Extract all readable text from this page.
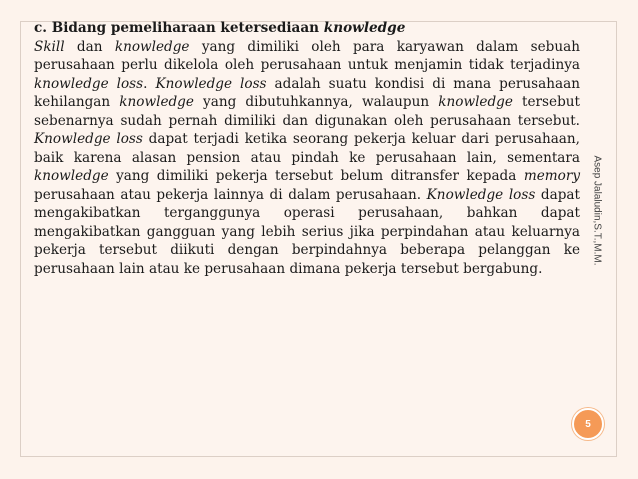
c. Bidang pemeliharaan ketersediaan knowledge

Skill dan knowledge yang dimiliki oleh para karyawan dalam sebuah perusahaan perlu dikelola oleh perusahaan untuk menjamin tidak terjadinya knowledge loss. Knowledge loss adalah suatu kondisi di mana perusahaan kehilangan knowledge yang dibutuhkannya, walaupun knowledge tersebut sebenarnya sudah pernah dimiliki dan digunakan oleh perusahaan tersebut. Knowledge loss dapat terjadi ketika seorang pekerja keluar dari perusahaan, baik karena alasan pension atau pindah ke perusahaan lain, sementara knowledge yang dimiliki pekerja tersebut belum ditransfer kepada memory perusahaan atau pekerja lainnya di dalam perusahaan. Knowledge loss dapat mengakibatkan terganggunya operasi perusahaan, bahkan dapat mengakibatkan gangguan yang lebih serius jika perpindahan atau keluarnya pekerja tersebut diikuti dengan berpindahnya beberapa pelanggan ke perusahaan lain atau ke perusahaan dimana pekerja tersebut bergabung.

Asep Jalaludin,S.T.,M.M.
5
